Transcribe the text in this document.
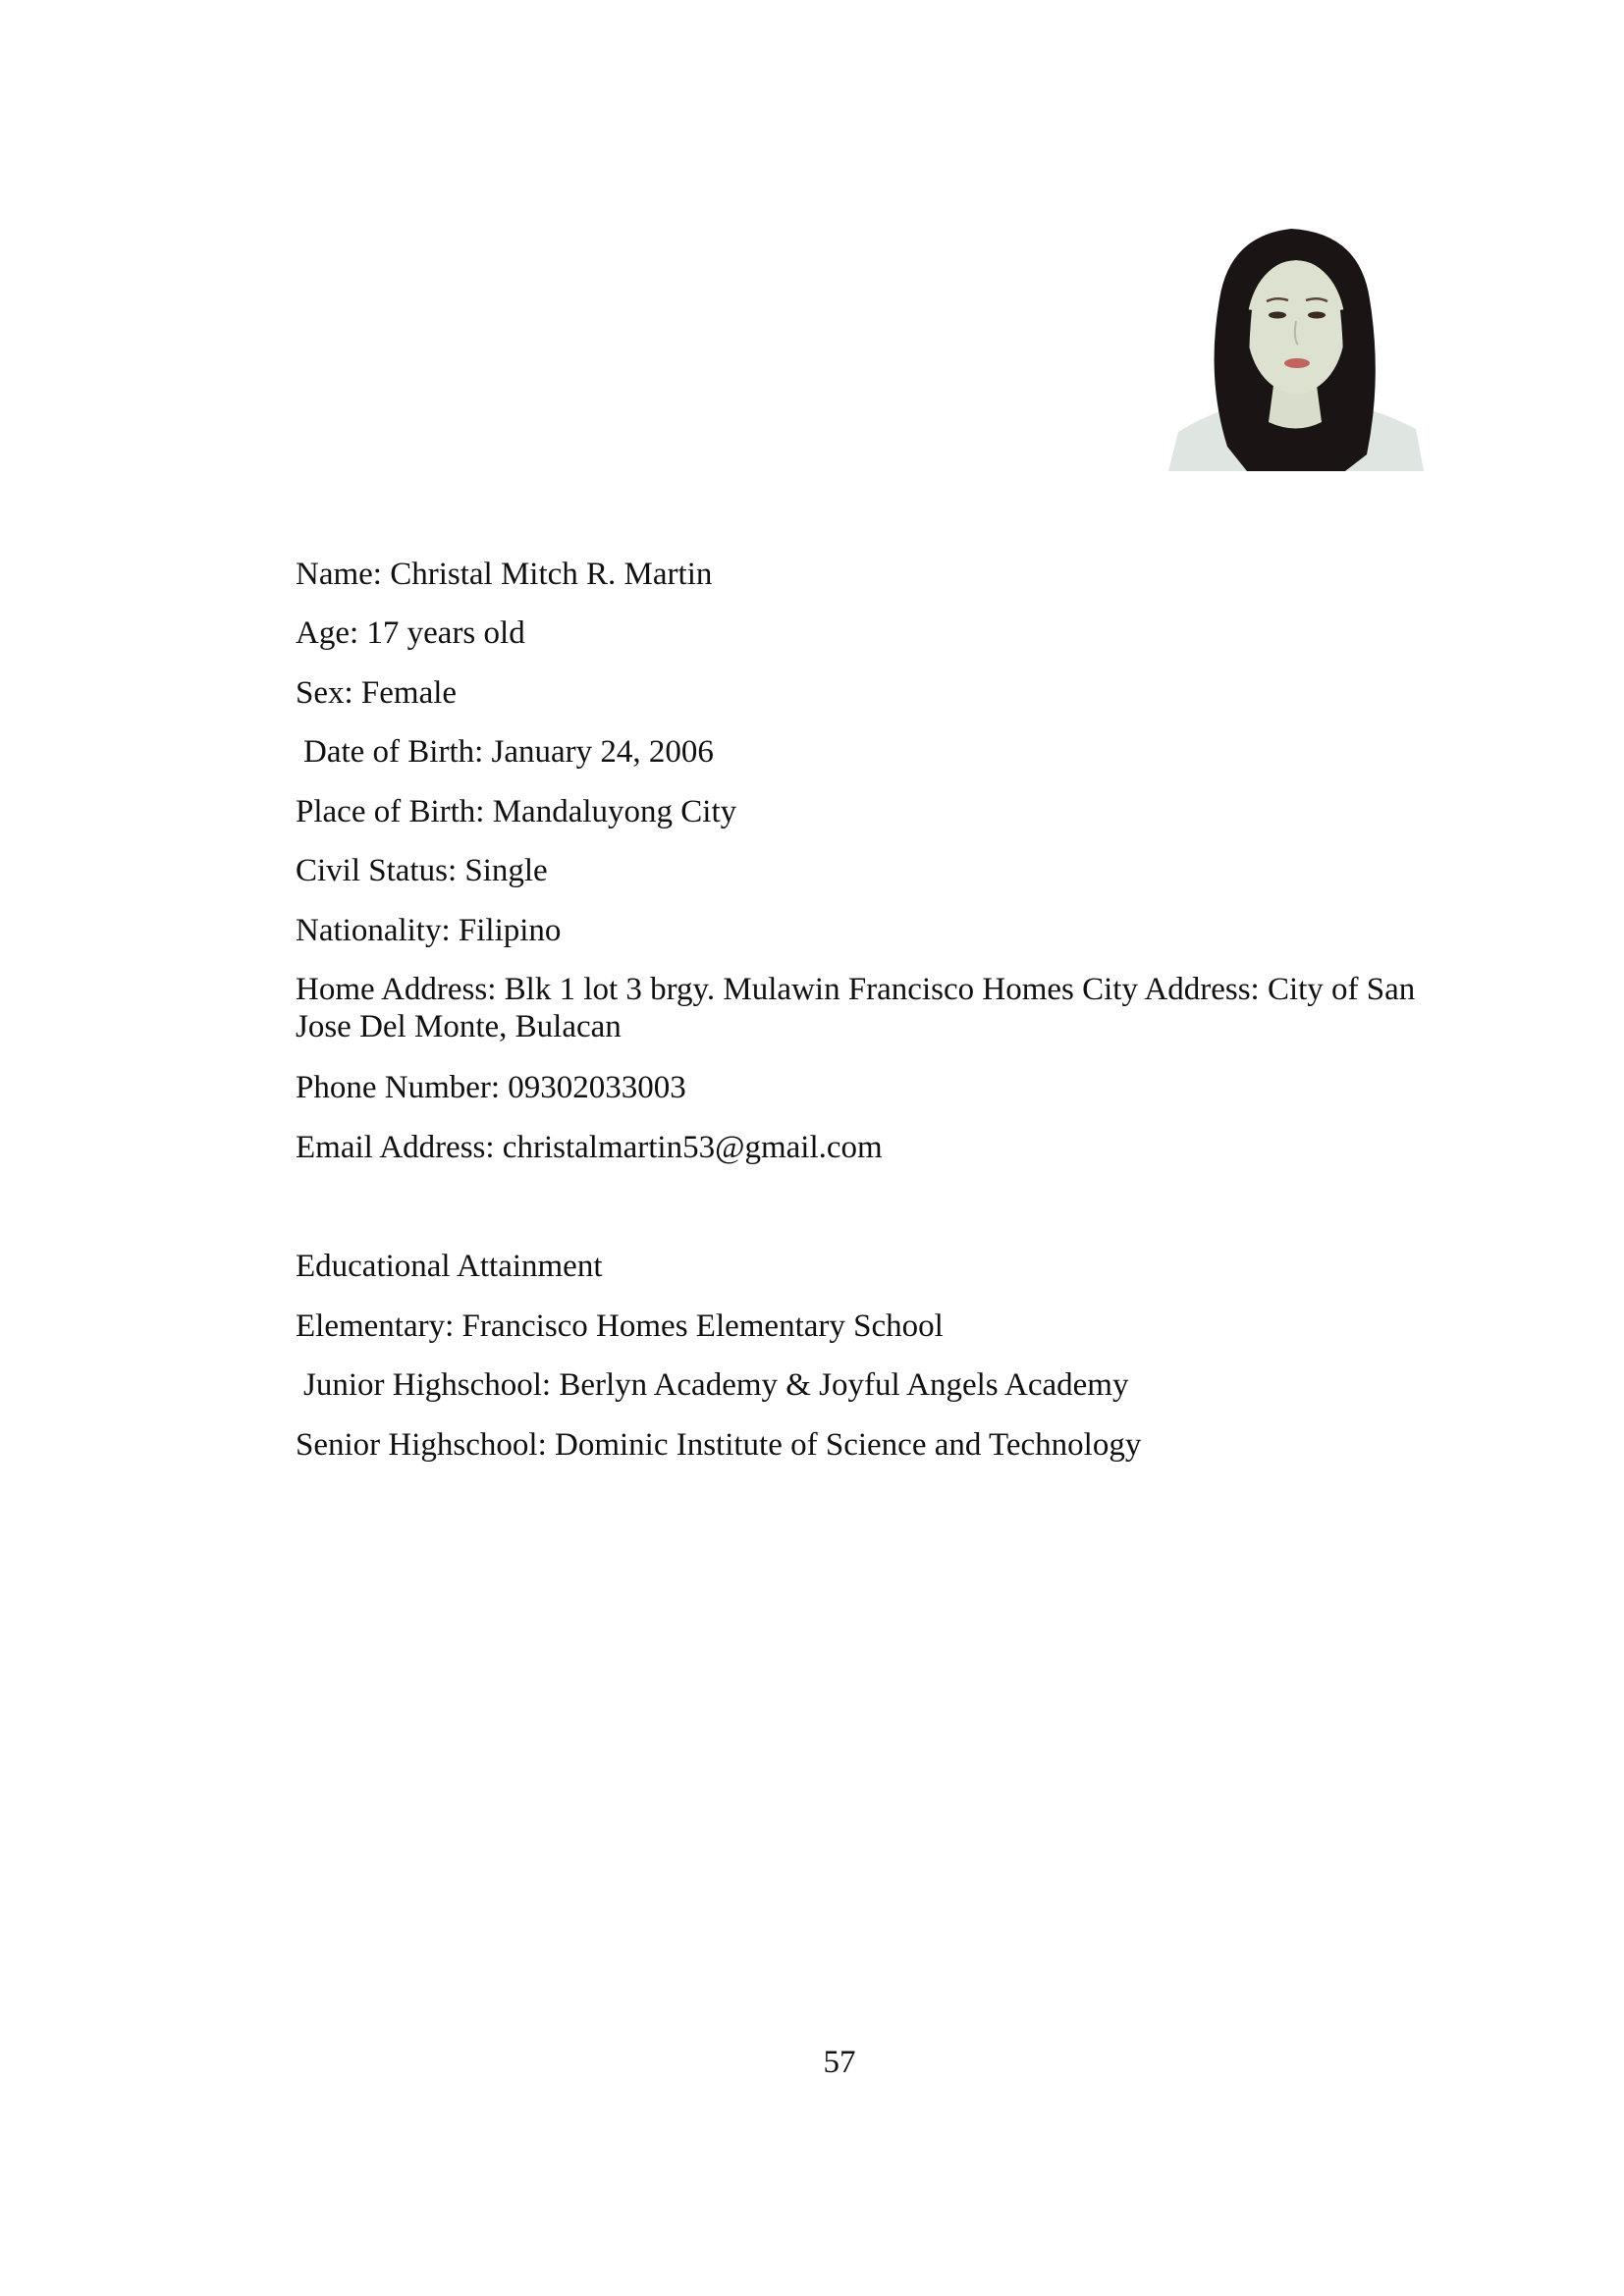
Name: Christal Mitch R. Martin
Age: 17 years old
Sex: Female
Date of Birth: January 24, 2006
Place of Birth: Mandaluyong City
Civil Status: Single
Nationality: Filipino
Home Address: Blk 1 lot 3 brgy. Mulawin Francisco Homes City Address: City of San Jose Del Monte, Bulacan
Phone Number: 09302033003
Email Address: christalmartin53@gmail.com
Educational Attainment
Elementary: Francisco Homes Elementary School
Junior Highschool: Berlyn Academy & Joyful Angels Academy
Senior Highschool: Dominic Institute of Science and Technology
57
